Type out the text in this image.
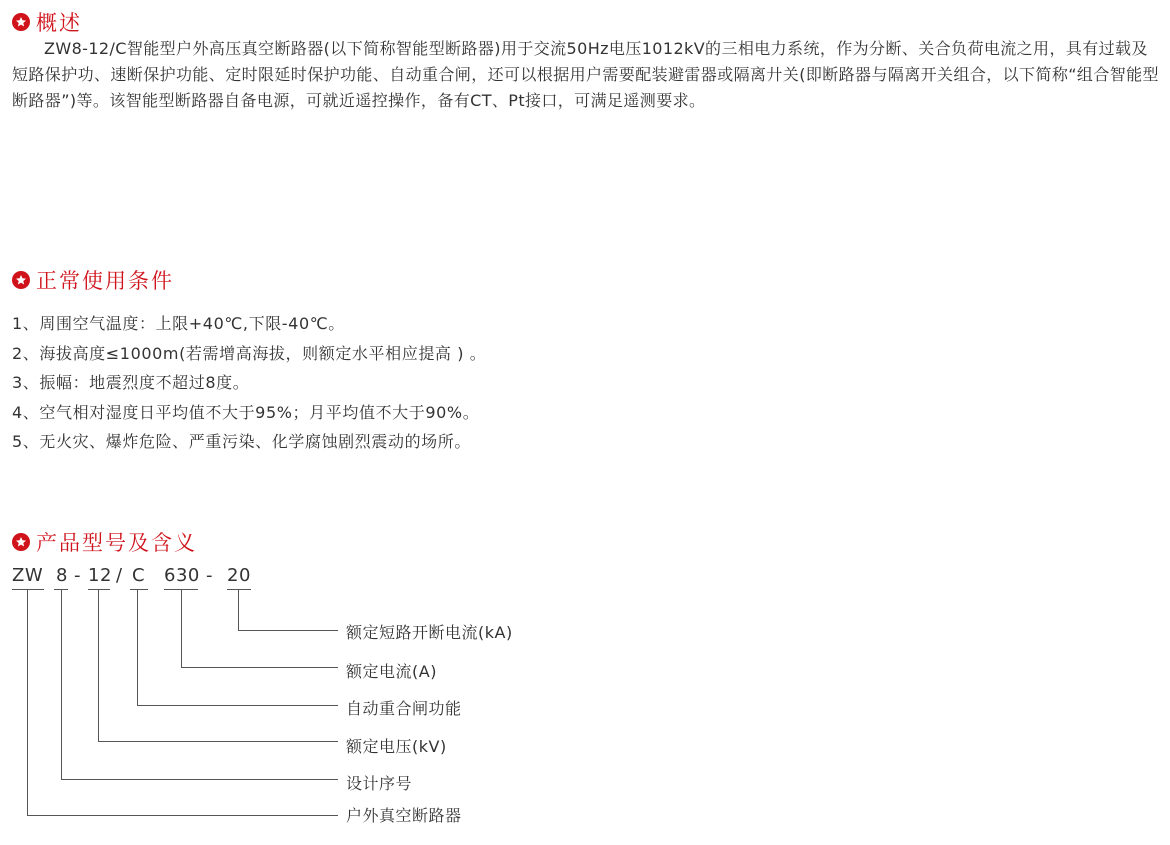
概述

ZW8-12/C智能型户外高压真空断路器(以下简称智能型断路器)用于交流50Hz电压1012kV的三相电力系统，作为分断、关合负荷电流之用，具有过载及短路保护功、速断保护功能、定时限延时保护功能、自动重合闸，还可以根据用户需要配装避雷器或隔离廾关(即断路器与隔离开关组合，以下简称“组合智能型断路器”)等。该智能型断路器自备电源，可就近遥控操作，备有CT、Pt接口，可满足遥测要求。

正常使用条件
1、周围空气温度：上限+40℃,下限-40℃。
2、海拔高度≤1000m(若需增高海拔，则额定水平相应提高 ) 。
3、振幅：地震烈度不超过8度。
4、空气相对湿度日平均值不大于95%；月平均值不大于90%。
5、无火灾、爆炸危险、严重污染、化学腐蚀剧烈震动的场所。
产品型号及含义
ZW 8 - 12 / C 630 - 20
额定短路开断电流(kA)
额定电流(A)
自动重合闸功能
额定电压(kV)
设计序号
户外真空断路器
